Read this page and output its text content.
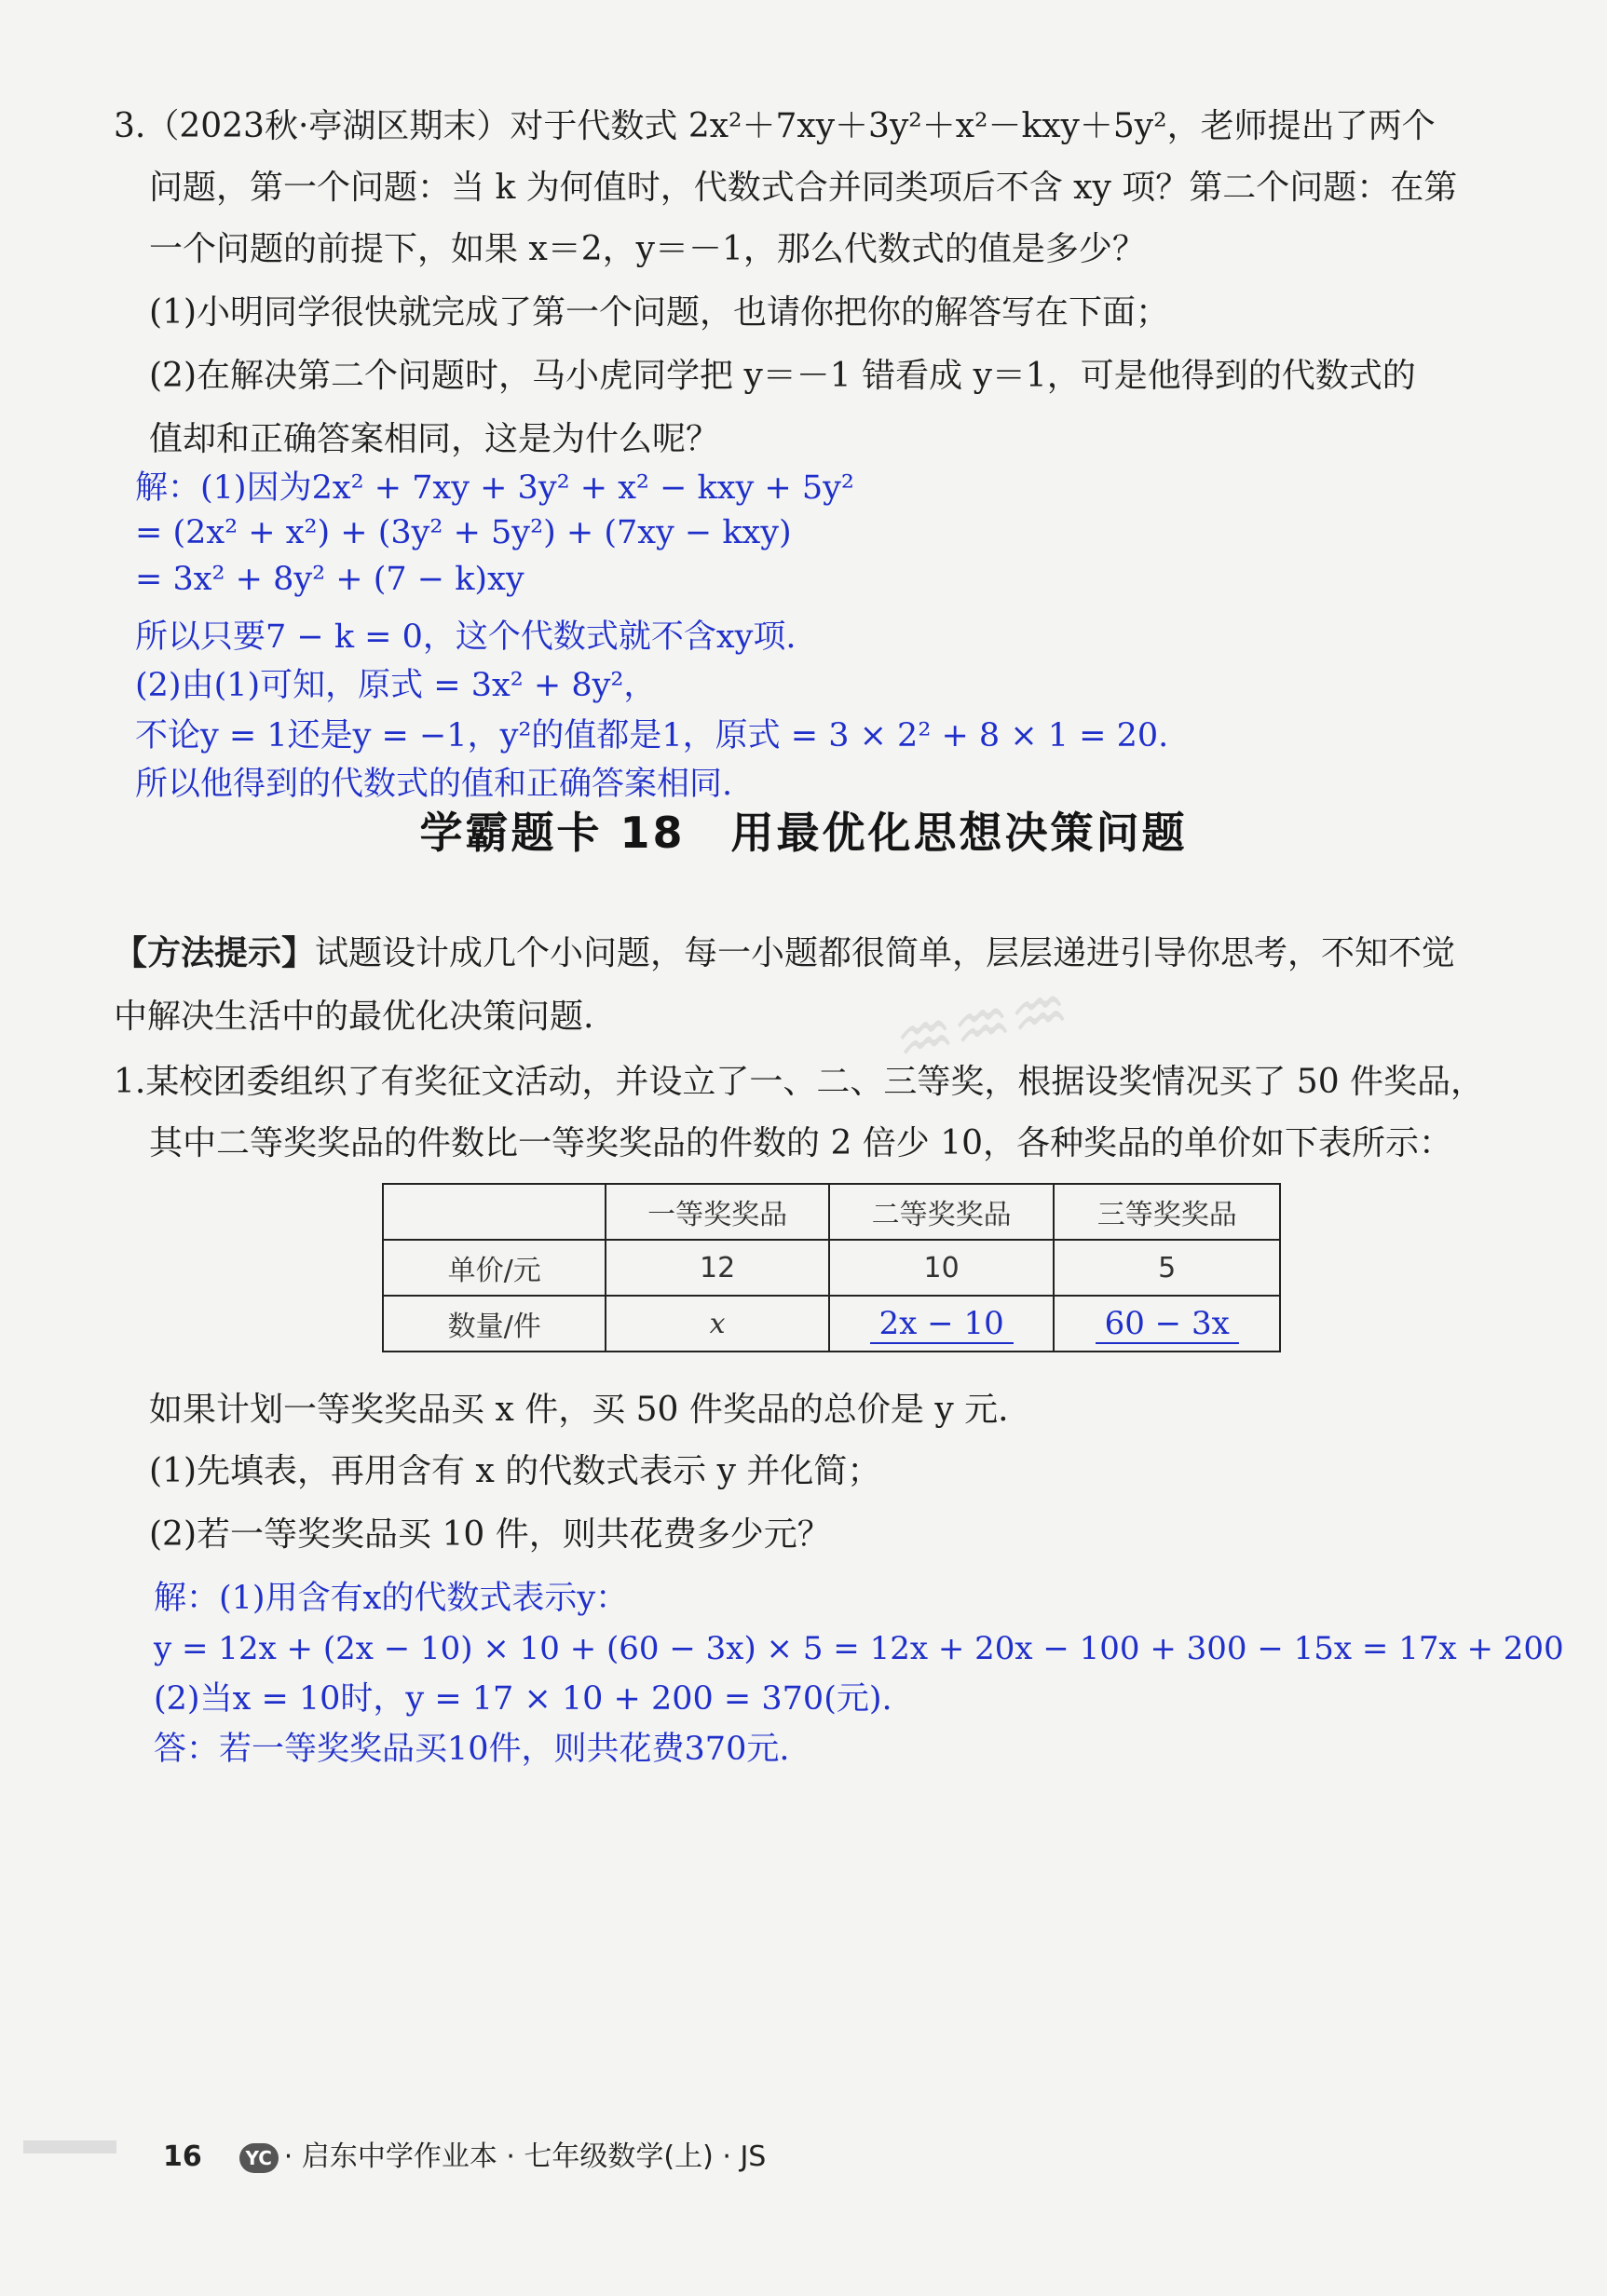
3.（2023秋·亭湖区期末）对于代数式 2x²＋7xy＋3y²＋x²－kxy＋5y²，老师提出了两个
问题，第一个问题：当 k 为何值时，代数式合并同类项后不含 xy 项？第二个问题：在第
一个问题的前提下，如果 x＝2，y＝－1，那么代数式的值是多少？
(1)小明同学很快就完成了第一个问题，也请你把你的解答写在下面；
(2)在解决第二个问题时，马小虎同学把 y＝－1 错看成 y＝1，可是他得到的代数式的
值却和正确答案相同，这是为什么呢？
解：(1)因为2x² + 7xy + 3y² + x² − kxy + 5y²
= (2x² + x²) + (3y² + 5y²) + (7xy − kxy)
= 3x² + 8y² + (7 − k)xy
所以只要7 − k = 0，这个代数式就不含xy项.
(2)由(1)可知，原式 = 3x² + 8y²，
不论y = 1还是y = −1，y²的值都是1，原式 = 3 × 2² + 8 × 1 = 20.
所以他得到的代数式的值和正确答案相同.
学霸题卡 18　用最优化思想决策问题
【方法提示】试题设计成几个小问题，每一小题都很简单，层层递进引导你思考，不知不觉
中解决生活中的最优化决策问题.
1.某校团委组织了有奖征文活动，并设立了一、二、三等奖，根据设奖情况买了 50 件奖品，
其中二等奖奖品的件数比一等奖奖品的件数的 2 倍少 10，各种奖品的单价如下表所示：
	一等奖奖品	二等奖奖品	三等奖奖品
单价/元	12	10	5
数量/件	x	2x − 10	60 − 3x
如果计划一等奖奖品买 x 件，买 50 件奖品的总价是 y 元.
(1)先填表，再用含有 x 的代数式表示 y 并化简；
(2)若一等奖奖品买 10 件，则共花费多少元？
解：(1)用含有x的代数式表示y：
y = 12x + (2x − 10) × 10 + (60 − 3x) × 5 = 12x + 20x − 100 + 300 − 15x = 17x + 200
(2)当x = 10时，y = 17 × 10 + 200 = 370(元).
答：若一等奖奖品买10件，则共花费370元.
♒♒♒
16 YC · 启东中学作业本 · 七年级数学(上) · JS
